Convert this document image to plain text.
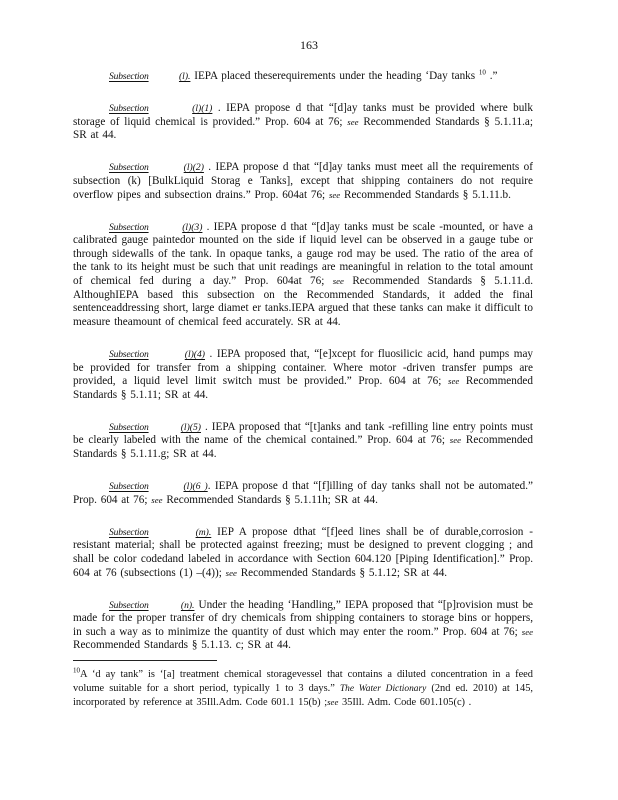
163

Subsection	(l). IEPA placed theserequirements under the heading ‘Day tanks $^{10}$ .”

Subsection	(l)(1) . IEPA propose d that “[d]ay tanks must be provided where bulk storage of liquid chemical is provided.” Prop. 604 at 76; see Recommended Standards § 5.1.11.a; SR at 44.

Subsection	(l)(2) . IEPA propose d that “[d]ay tanks must meet all the requirements of subsection (k) [BulkLiquid Storag e Tanks], except that shipping containers do not require overflow pipes and subsection drains.” Prop. 604at 76; see Recommended Standards § 5.1.11.b.

Subsection	(l)(3) . IEPA propose d that “[d]ay tanks must be scale -mounted, or have a calibrated gauge paintedor mounted on the side if liquid level can be observed in a gauge tube or through sidewalls of the tank. In opaque tanks, a gauge rod may be used. The ratio of the area of the tank to its height must be such that unit readings are meaningful in relation to the total amount of chemical fed during a day.” Prop. 604at 76; see Recommended Standards § 5.1.11.d. AlthoughIEPA based this subsection on the Recommended Standards, it added the final sentenceaddressing short, large diamet er tanks.IEPA argued that these tanks can make it difficult to measure theamount of chemical feed accurately. SR at 44.

Subsection	(l)(4) . IEPA proposed that, “[e]xcept for fluosilicic acid, hand pumps may be provided for transfer from a shipping container. Where motor -driven transfer pumps are provided, a liquid level limit switch must be provided.” Prop. 604 at 76; see Recommended Standards § 5.1.11; SR at 44.

Subsection	(l)(5) . IEPA proposed that “[t]anks and tank -refilling line entry points must be clearly labeled with the name of the chemical contained.” Prop. 604 at 76; see Recommended Standards § 5.1.11.g; SR at 44.

Subsection	(l)(6 ). IEPA propose d that “[f]illing of day tanks shall not be automated.” Prop. 604 at 76; see Recommended Standards § 5.1.11h; SR at 44.

Subsection	(m). IEP A propose dthat “[f]eed lines shall be of durable,corrosion - resistant material; shall be protected against freezing; must be designed to prevent clogging ; and shall be color codedand labeled in accordance with Section 604.120 [Piping Identification].” Prop. 604 at 76 (subsections (1) –(4)); see Recommended Standards § 5.1.12; SR at 44.

Subsection	(n). Under the heading ‘Handling,” IEPA proposed that “[p]rovision must be made for the proper transfer of dry chemicals from shipping containers to storage bins or hoppers, in such a way as to minimize the quantity of dust which may enter the room.” Prop. 604 at 76; see Recommended Standards § 5.1.13. c; SR at 44.

$^{10}$A ‘d ay tank” is ‘[a] treatment chemical storagevessel that contains a diluted concentration in a feed volume suitable for a short period, typically 1 to 3 days.” The Water Dictionary (2nd ed. 2010) at 145, incorporated by reference at 35Ill.Adm. Code 601.1 15(b) ;see 35Ill. Adm. Code 601.105(c) .
